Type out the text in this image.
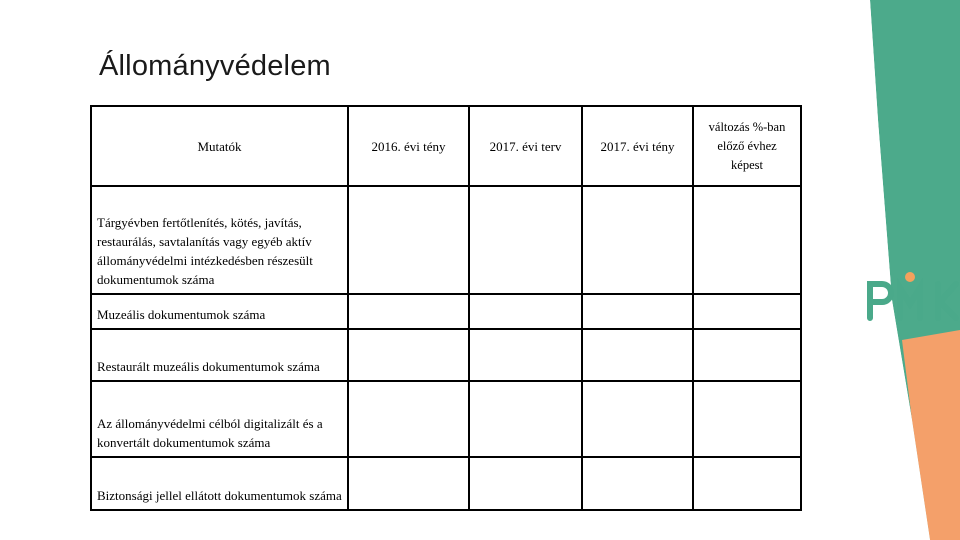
Állományvédelem
Mutatók	2016. évi tény	2017. évi terv	2017. évi tény	változás %-ban előző évhez képest
Tárgyévben fertőtlenítés, kötés, javítás, restaurálás, savtalanítás vagy egyéb aktív állományvédelmi intézkedésben részesült dokumentumok száma				
Muzeális dokumentumok száma				
Restaurált muzeális dokumentumok száma				
Az állományvédelmi célból digitalizált és a konvertált dokumentumok száma				
Biztonsági jellel ellátott dokumentumok száma				
